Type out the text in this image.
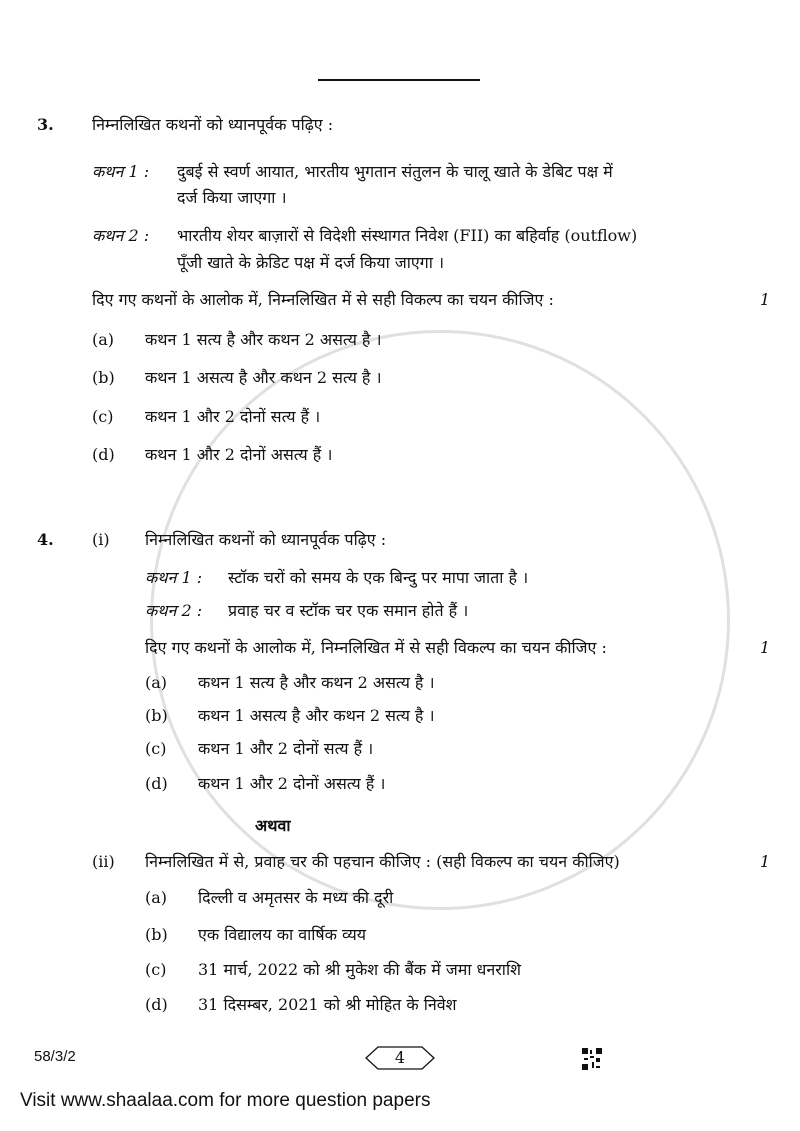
3.	निम्नलिखित कथनों को ध्यानपूर्वक पढ़िए :
कथन 1 :	दुबई से स्वर्ण आयात, भारतीय भुगतान संतुलन के चालू खाते के डेबिट पक्ष में
दर्ज किया जाएगा ।
कथन 2 :	भारतीय शेयर बाज़ारों से विदेशी संस्थागत निवेश (FII) का बहिर्वाह (outflow)
पूँजी खाते के क्रेडिट पक्ष में दर्ज किया जाएगा ।
दिए गए कथनों के आलोक में, निम्नलिखित में से सही विकल्प का चयन कीजिए :	1
(a)	कथन 1 सत्य है और कथन 2 असत्य है ।
(b)	कथन 1 असत्य है और कथन 2 सत्य है ।
(c)	कथन 1 और 2 दोनों सत्य हैं ।
(d)	कथन 1 और 2 दोनों असत्य हैं ।
4.	(i)	निम्नलिखित कथनों को ध्यानपूर्वक पढ़िए :
कथन 1 :	स्टॉक चरों को समय के एक बिन्दु पर मापा जाता है ।
कथन 2 :	प्रवाह चर व स्टॉक चर एक समान होते हैं ।
दिए गए कथनों के आलोक में, निम्नलिखित में से सही विकल्प का चयन कीजिए :	1
(a)	कथन 1 सत्य है और कथन 2 असत्य है ।
(b)	कथन 1 असत्य है और कथन 2 सत्य है ।
(c)	कथन 1 और 2 दोनों सत्य हैं ।
(d)	कथन 1 और 2 दोनों असत्य हैं ।
अथवा
(ii)	निम्नलिखित में से, प्रवाह चर की पहचान कीजिए : (सही विकल्प का चयन कीजिए)	1
(a)	दिल्ली व अमृतसर के मध्य की दूरी
(b)	एक विद्यालय का वार्षिक व्यय
(c)	31 मार्च, 2022 को श्री मुकेश की बैंक में जमा धनराशि
(d)	31 दिसम्बर, 2021 को श्री मोहित के निवेश
58/3/2	4
Visit www.shaalaa.com for more question papers
